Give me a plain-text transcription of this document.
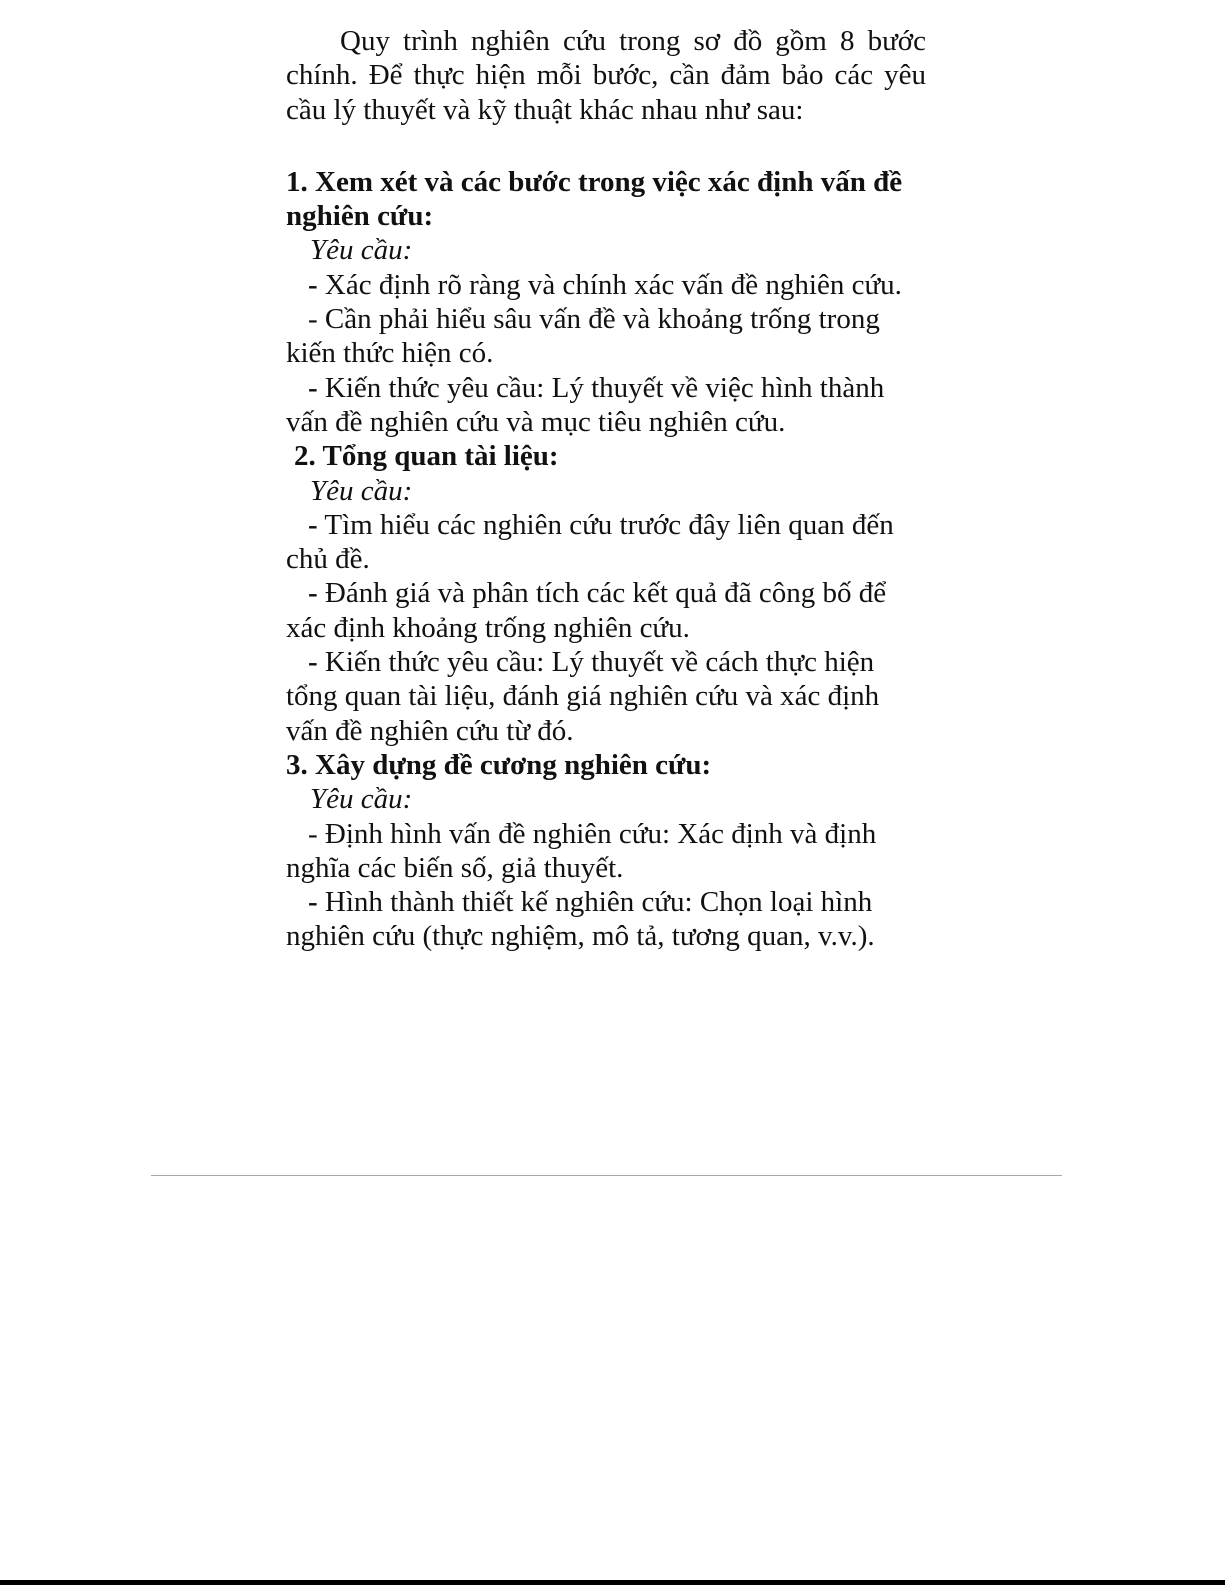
Quy trình nghiên cứu trong sơ đồ gồm 8 bước chính. Để thực hiện mỗi bước, cần đảm bảo các yêu cầu lý thuyết và kỹ thuật khác nhau như sau:

1. Xem xét và các bước trong việc xác định vấn đề nghiên cứu:

Yêu cầu:

- Xác định rõ ràng và chính xác vấn đề nghiên cứu.

- Cần phải hiểu sâu vấn đề và khoảng trống trong kiến thức hiện có.

- Kiến thức yêu cầu: Lý thuyết về việc hình thành vấn đề nghiên cứu và mục tiêu nghiên cứu.

2. Tổng quan tài liệu:

Yêu cầu:

- Tìm hiểu các nghiên cứu trước đây liên quan đến chủ đề.

- Đánh giá và phân tích các kết quả đã công bố để xác định khoảng trống nghiên cứu.

- Kiến thức yêu cầu: Lý thuyết về cách thực hiện tổng quan tài liệu, đánh giá nghiên cứu và xác định vấn đề nghiên cứu từ đó.

3. Xây dựng đề cương nghiên cứu:

Yêu cầu:

- Định hình vấn đề nghiên cứu: Xác định và định nghĩa các biến số, giả thuyết.

- Hình thành thiết kế nghiên cứu: Chọn loại hình nghiên cứu (thực nghiệm, mô tả, tương quan, v.v.).
